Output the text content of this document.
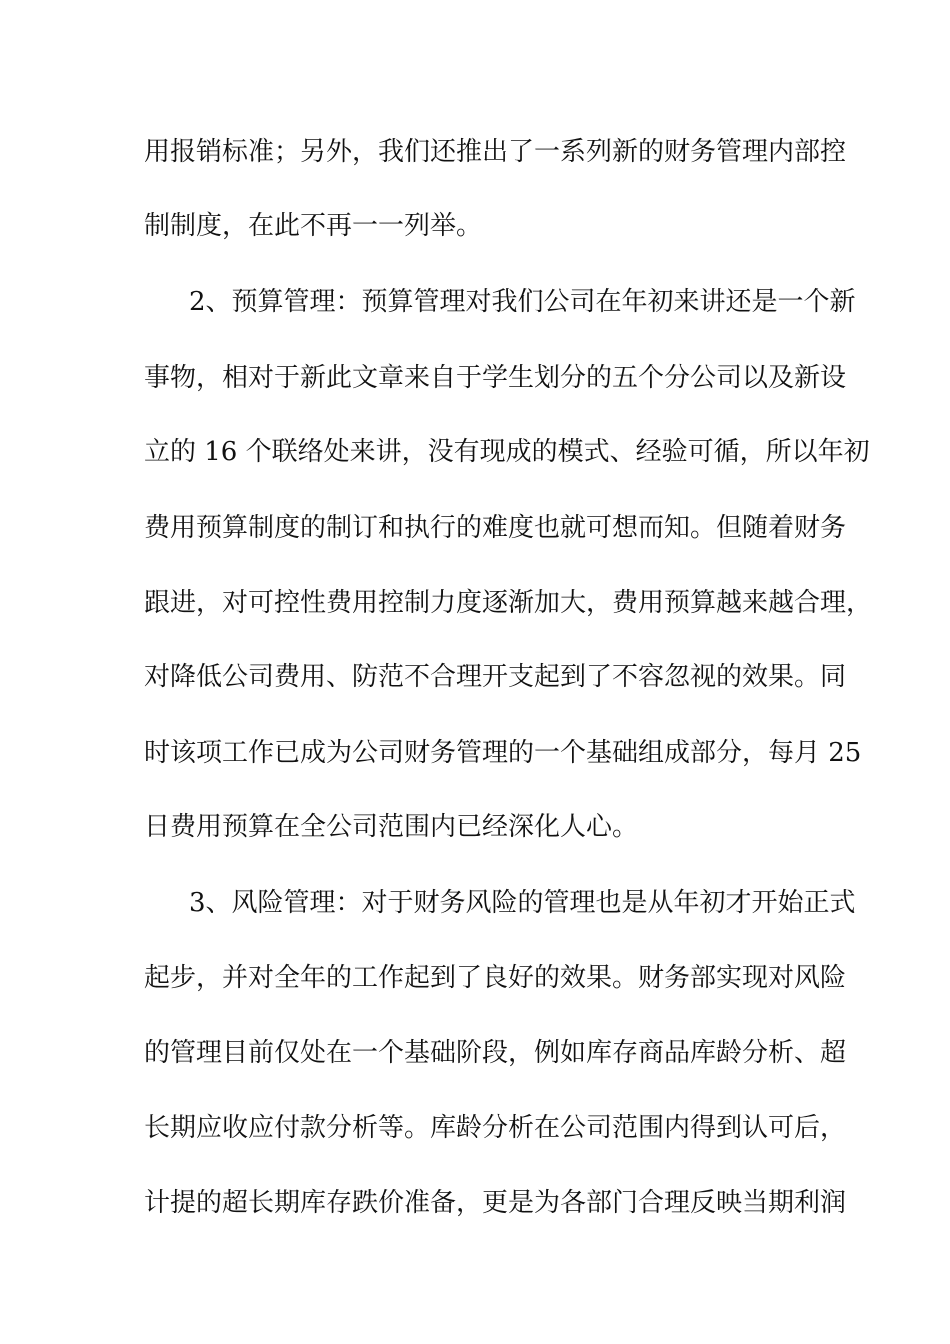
用报销标准；另外，我们还推出了一系列新的财务管理内部控
制制度，在此不再一一列举。
2、预算管理：预算管理对我们公司在年初来讲还是一个新
事物，相对于新此文章来自于学生划分的五个分公司以及新设
立的 16 个联络处来讲，没有现成的模式、经验可循，所以年初
费用预算制度的制订和执行的难度也就可想而知。但随着财务
跟进，对可控性费用控制力度逐渐加大，费用预算越来越合理，
对降低公司费用、防范不合理开支起到了不容忽视的效果。同
时该项工作已成为公司财务管理的一个基础组成部分，每月 25
日费用预算在全公司范围内已经深化人心。
3、风险管理：对于财务风险的管理也是从年初才开始正式
起步，并对全年的工作起到了良好的效果。财务部实现对风险
的管理目前仅处在一个基础阶段，例如库存商品库龄分析、超
长期应收应付款分析等。库龄分析在公司范围内得到认可后，
计提的超长期库存跌价准备，更是为各部门合理反映当期利润
